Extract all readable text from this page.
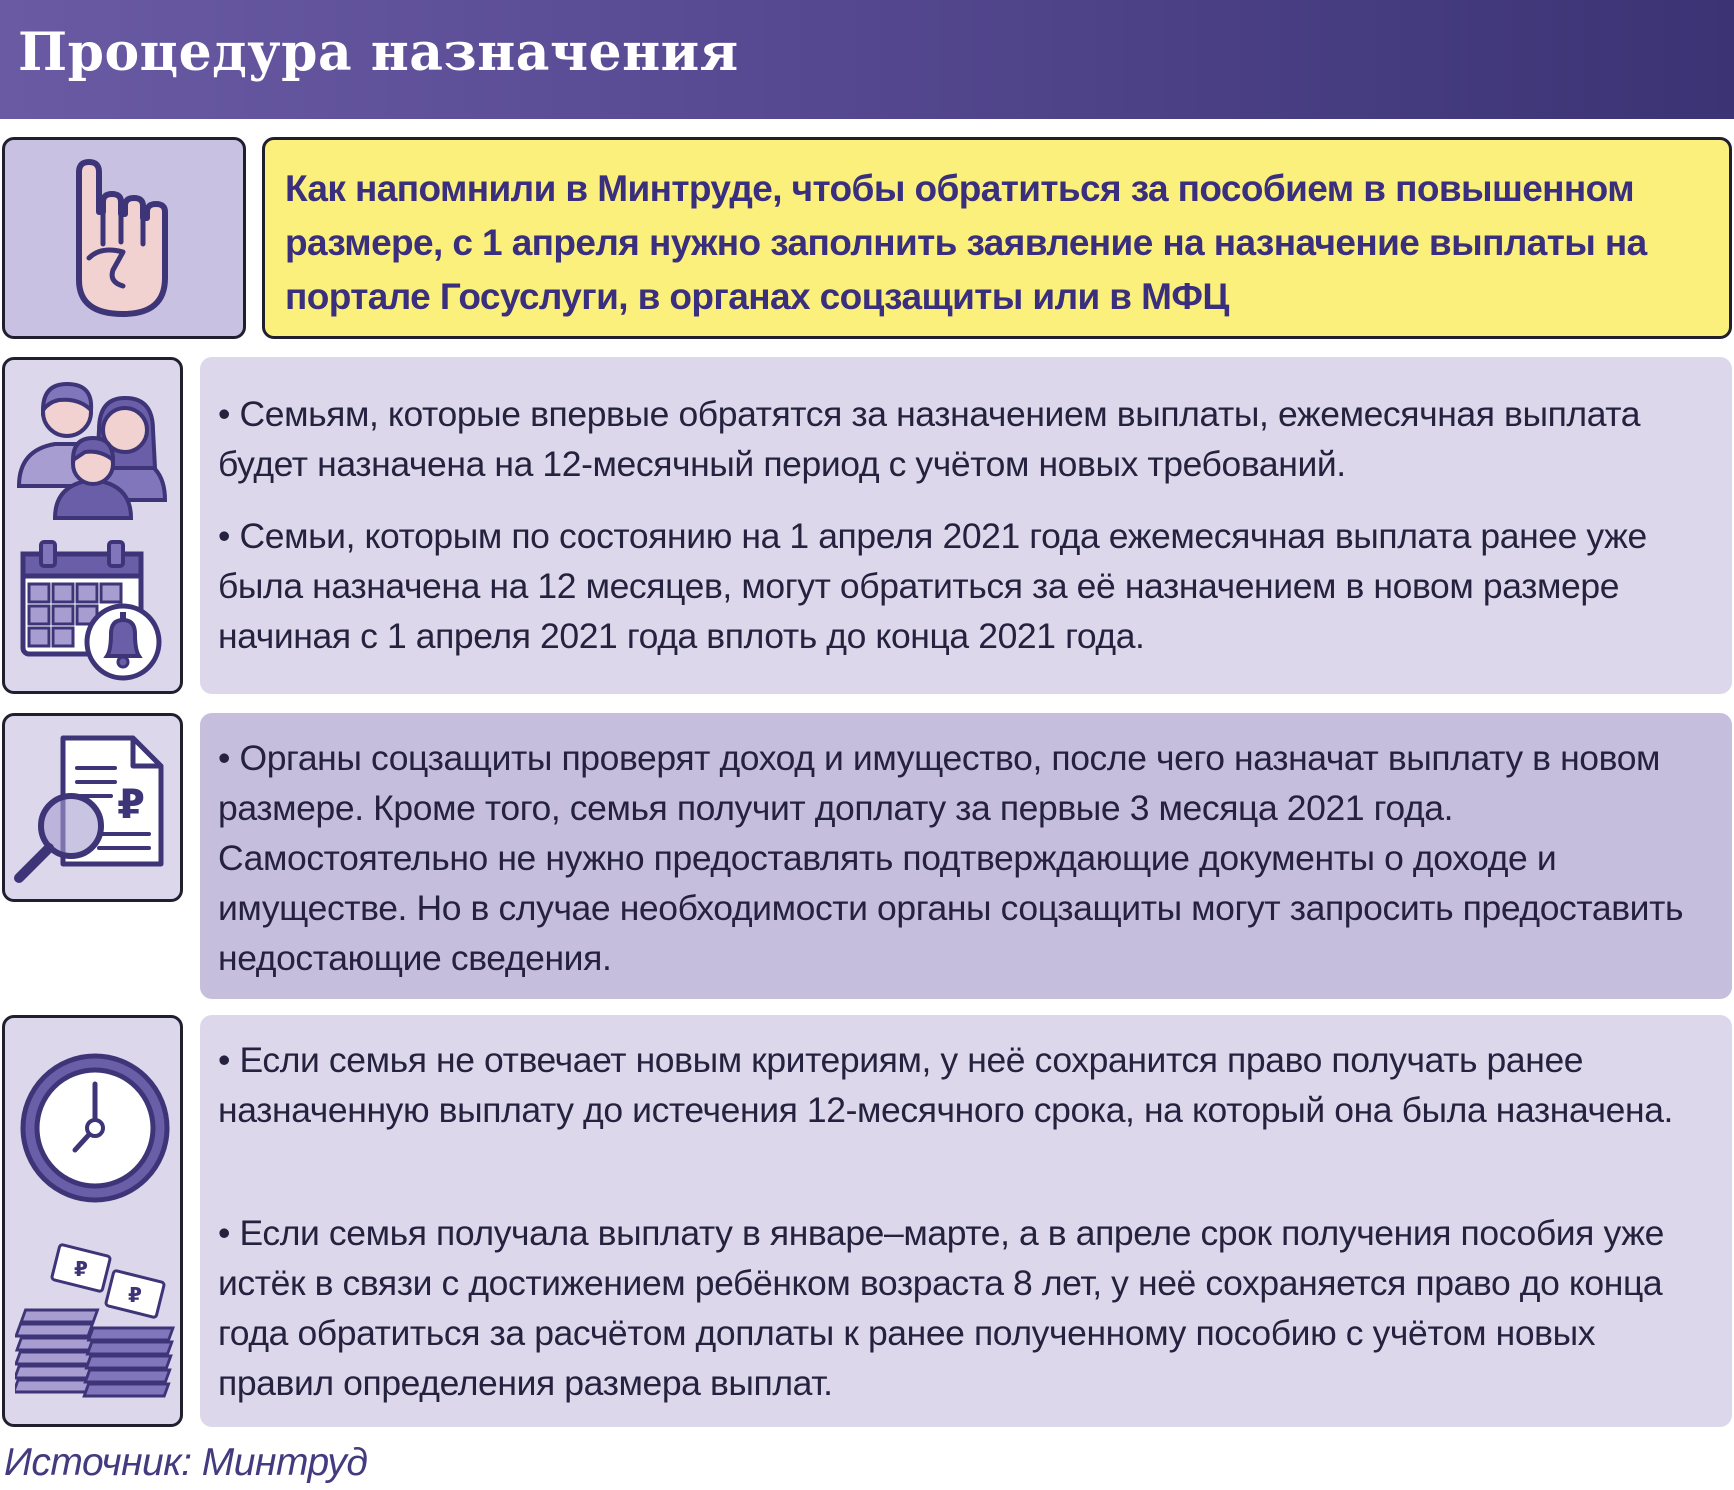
Процедура назначения
Как напомнили в Минтруде, чтобы обратиться за пособием в повышенном размере, с 1 апреля нужно заполнить заявление на назначение выплаты на портале Госуслуги, в органах соцзащиты или в МФЦ
• Семьям, которые впервые обратятся за назначением выплаты, ежемесячная выплата будет назначена на 12-месячный период с учётом новых требований.
• Семьи, которым по состоянию на 1 апреля 2021 года ежемесячная выплата ранее уже была назначена на 12 месяцев, могут обратиться за её назначением в новом размере начиная с 1 апреля 2021 года вплоть до конца 2021 года.
₽
• Органы соцзащиты проверят доход и имущество, после чего назначат выплату в новом размере. Кроме того, семья получит доплату за первые 3 месяца 2021 года. Самостоятельно не нужно предоставлять подтверждающие документы о доходе и имуществе. Но в случае необходимости органы соцзащиты могут запросить предоставить недостающие сведения.
₽
₽
• Если семья не отвечает новым критериям, у неё сохранится право получать ранее назначенную выплату до истечения 12-месячного срока, на который она была назначена.
• Если семья получала выплату в январе–марте, а в апреле срок получения пособия уже истёк в связи с достижением ребёнком возраста 8 лет, у неё сохраняется право до конца года обратиться за расчётом доплаты к ранее полученному пособию с учётом новых правил определения размера выплат.
Источник: Минтруд
